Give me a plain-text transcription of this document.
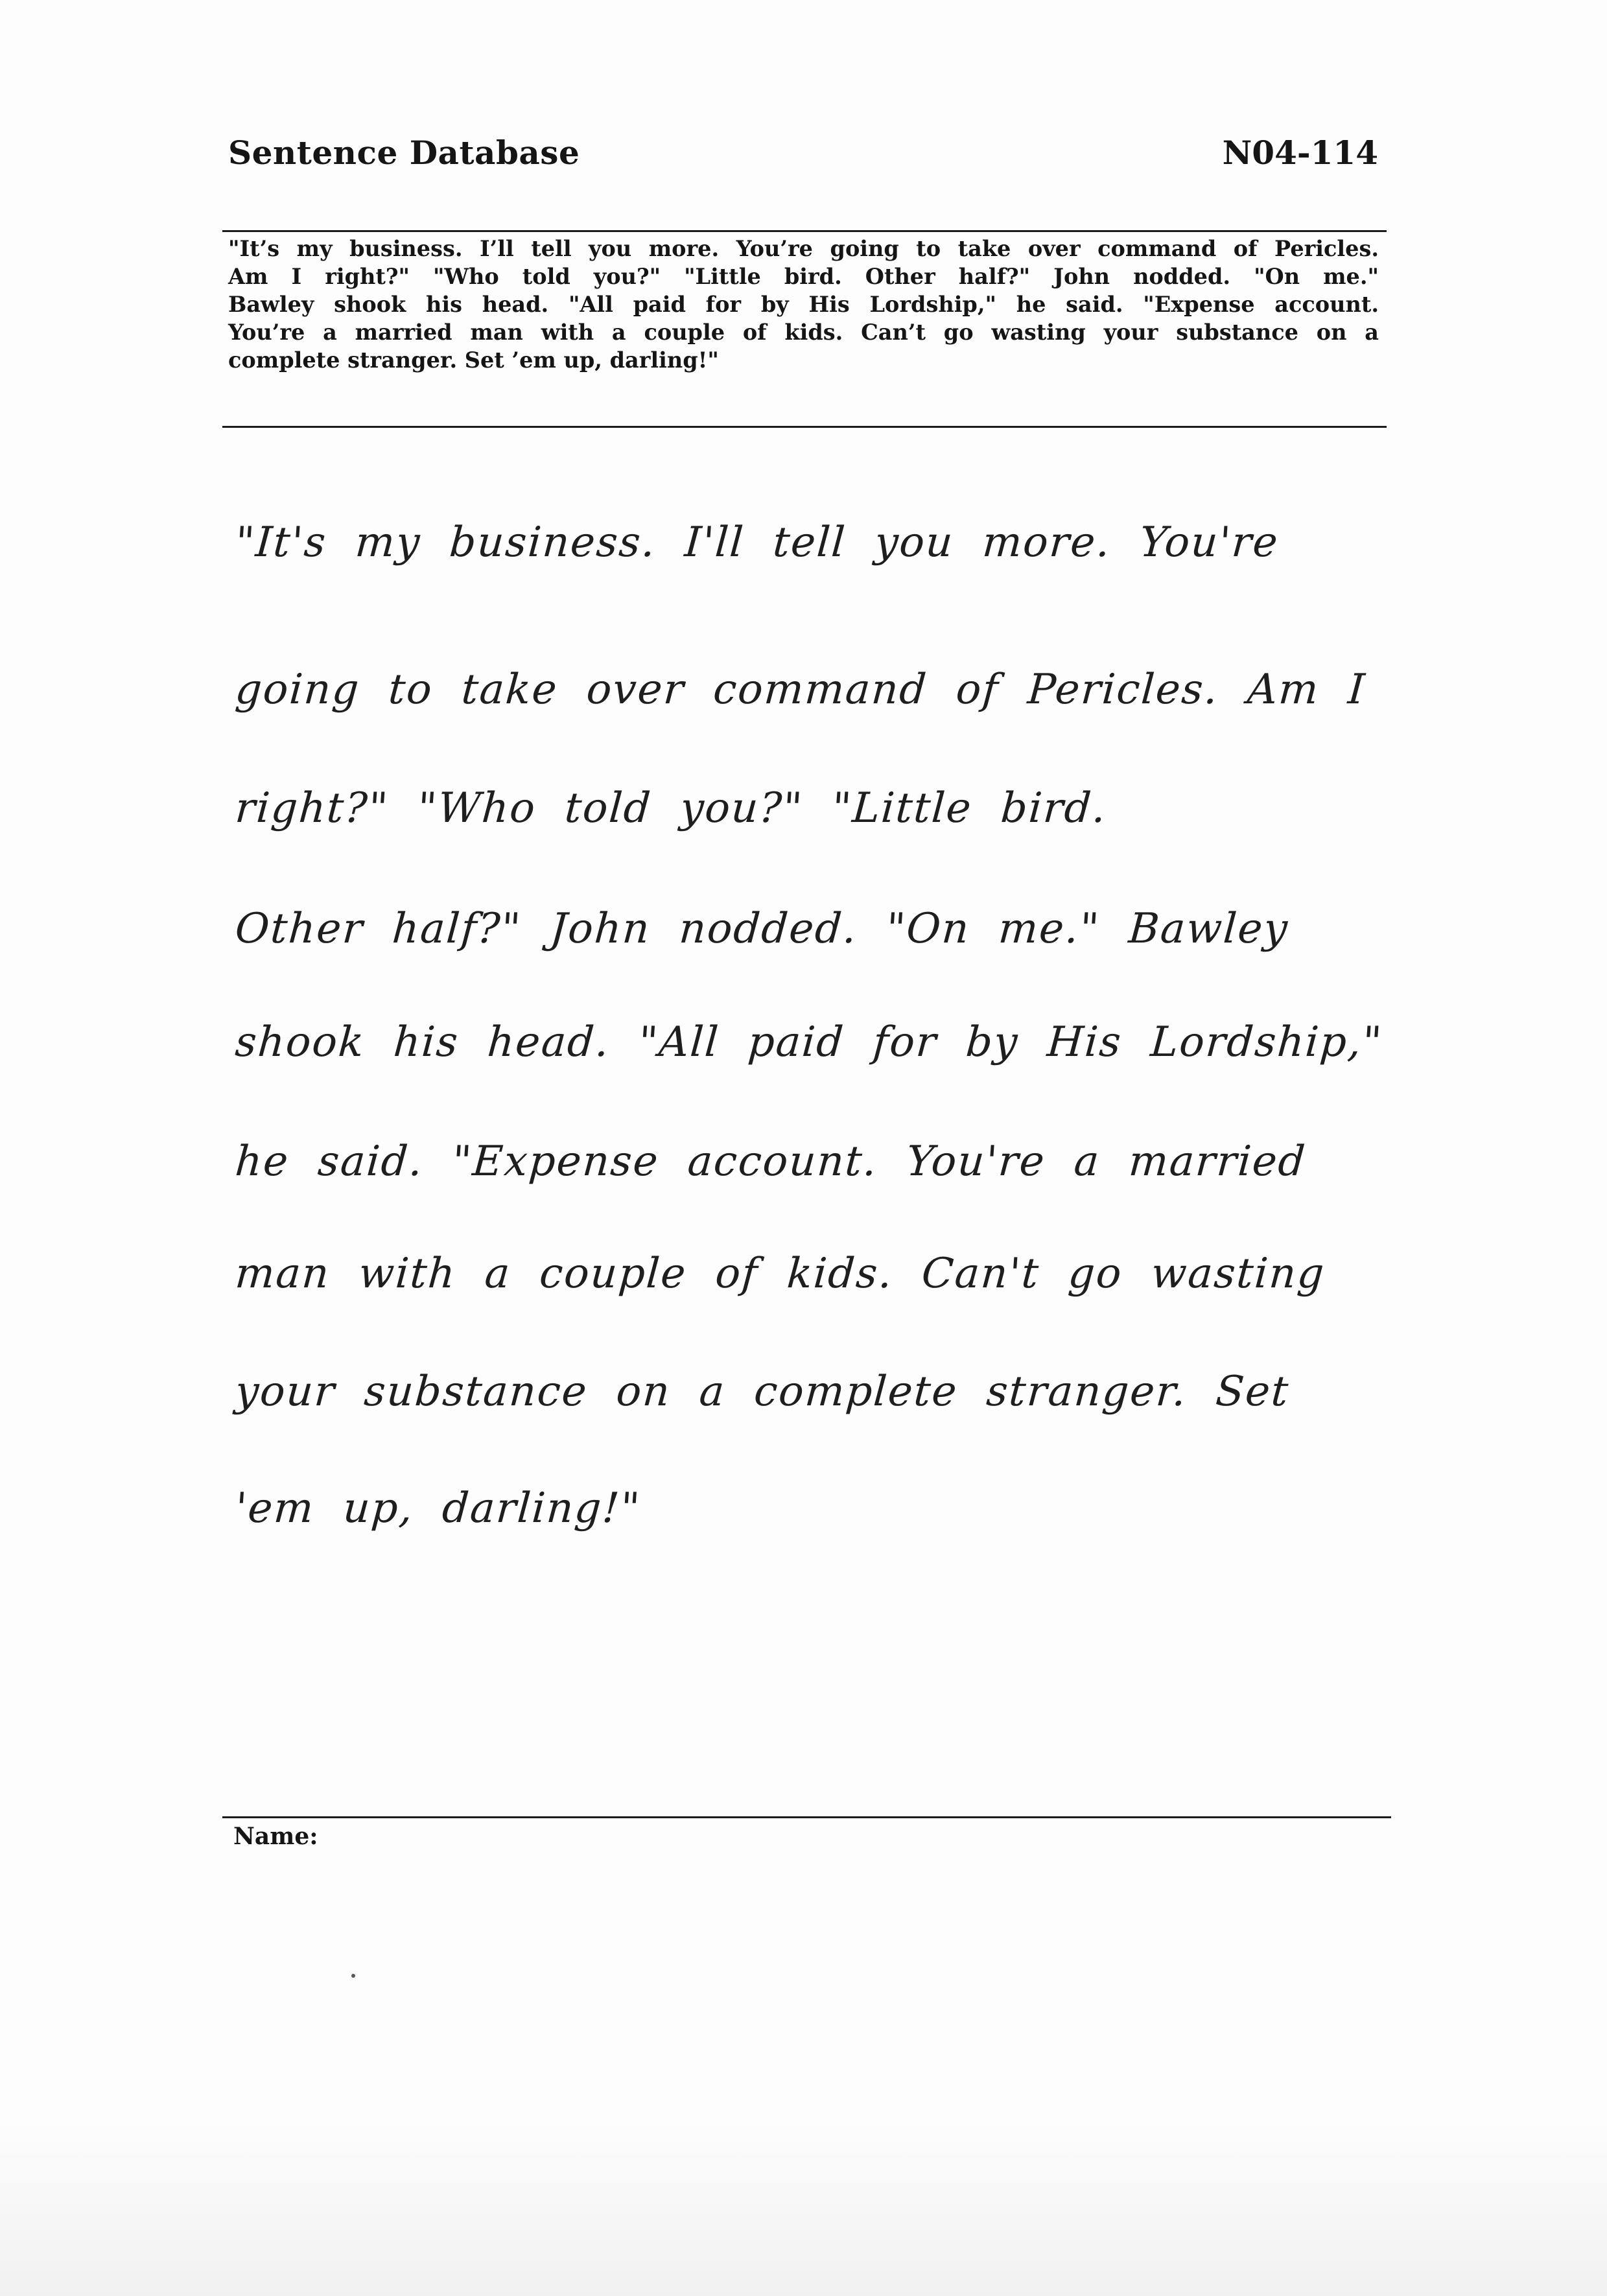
Sentence Database	N04-114
"It’s my business. I’ll tell you more. You’re going to take over command of Pericles.
Am I right?" "Who told you?" "Little bird. Other half?" John nodded. "On me."
Bawley shook his head. "All paid for by His Lordship," he said. "Expense account.
You’re a married man with a couple of kids. Can’t go wasting your substance on a
complete stranger. Set ’em up, darling!"
"It's my business. I'll tell you more. You're
going to take over command of Pericles. Am I
right?" "Who told you?" "Little bird.
Other half?" John nodded. "On me." Bawley
shook his head. "All paid for by His Lordship,"
he said. "Expense account. You're a married
man with a couple of kids. Can't go wasting
your substance on a complete stranger. Set
'em up, darling!"
Name:
